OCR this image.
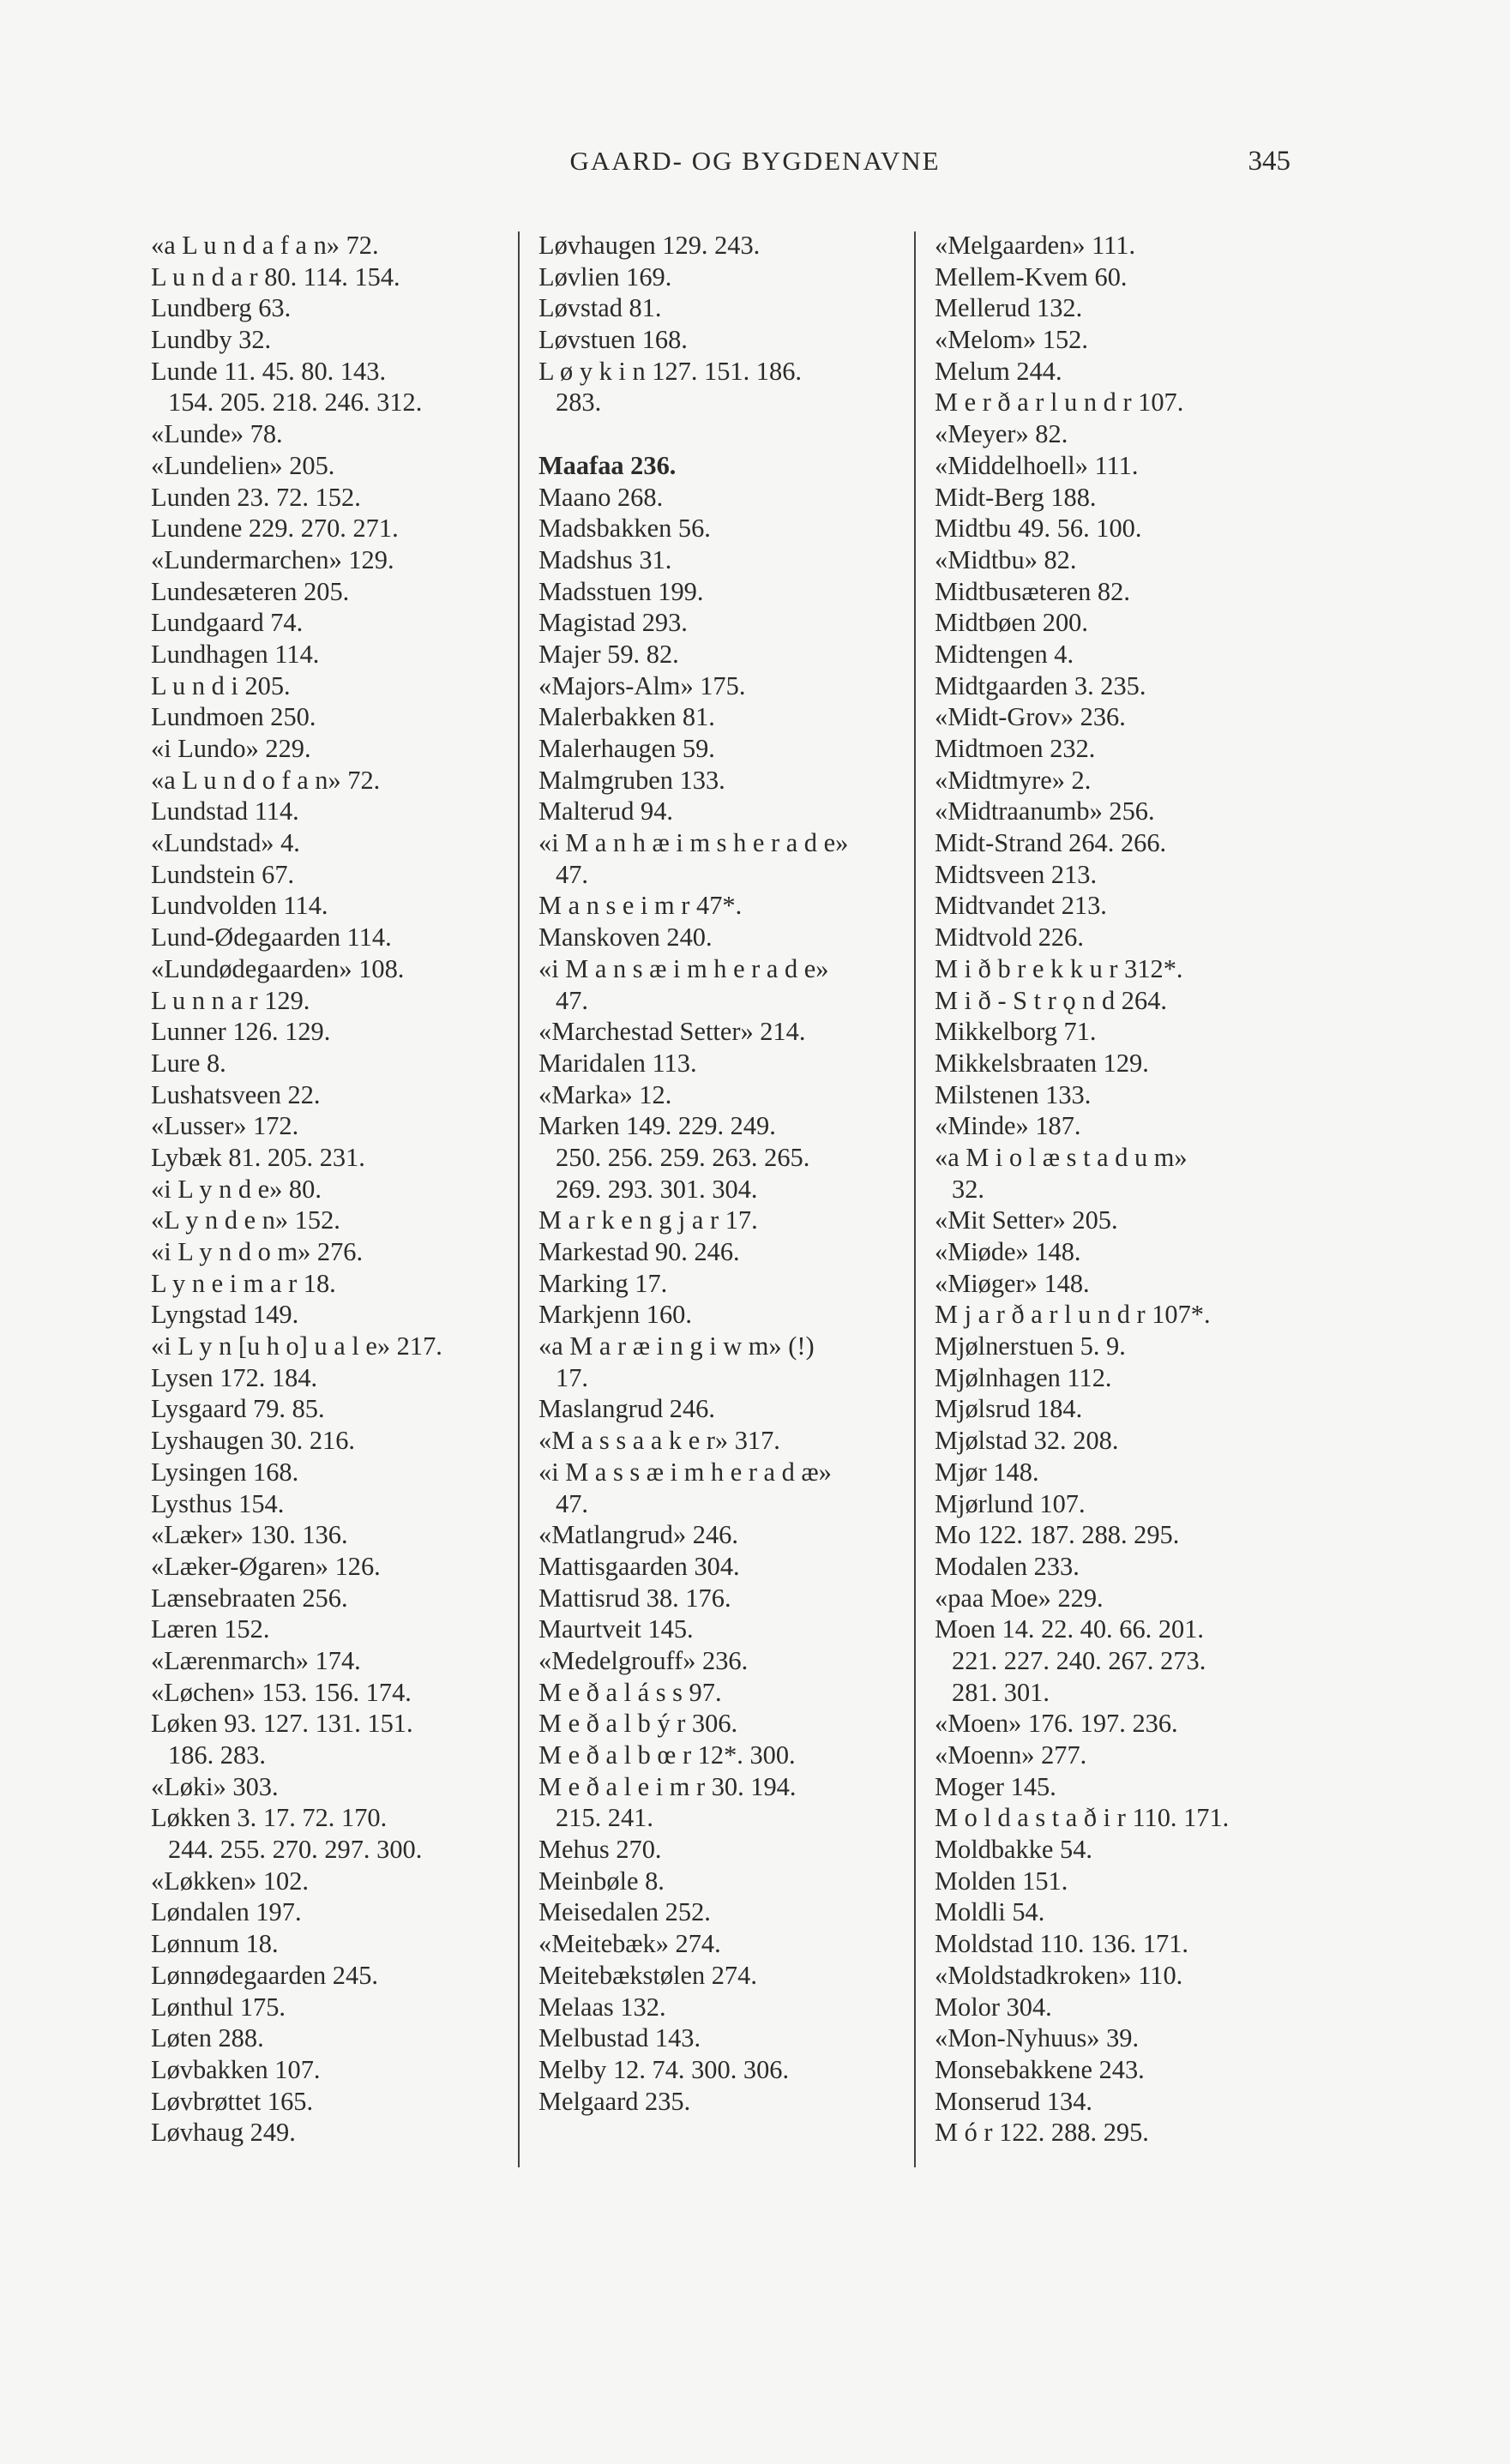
GAARD- OG BYGDENAVNE	345
«a L u n d a f a n» 72.
L u n d a r 80. 114. 154.
Lundberg 63.
Lundby 32.
Lunde 11. 45. 80. 143.
154. 205. 218. 246. 312.
«Lunde» 78.
«Lundelien» 205.
Lunden 23. 72. 152.
Lundene 229. 270. 271.
«Lundermarchen» 129.
Lundesæteren 205.
Lundgaard 74.
Lundhagen 114.
L u n d i 205.
Lundmoen 250.
«i Lundo» 229.
«a L u n d o f a n» 72.
Lundstad 114.
«Lundstad» 4.
Lundstein 67.
Lundvolden 114.
Lund-Ødegaarden 114.
«Lundødegaarden» 108.
L u n n a r 129.
Lunner 126. 129.
Lure 8.
Lushatsveen 22.
«Lusser» 172.
Lybæk 81. 205. 231.
«i L y n d e» 80.
«L y n d e n» 152.
«i L y n d o m» 276.
L y n e i m a r 18.
Lyngstad 149.
«i L y n [u h o] u a l e» 217.
Lysen 172. 184.
Lysgaard 79. 85.
Lyshaugen 30. 216.
Lysingen 168.
Lysthus 154.
«Læker» 130. 136.
«Læker-Øgaren» 126.
Lænsebraaten 256.
Læren 152.
«Lærenmarch» 174.
«Løchen» 153. 156. 174.
Løken 93. 127. 131. 151.
186. 283.
«Løki» 303.
Løkken 3. 17. 72. 170.
244. 255. 270. 297. 300.
«Løkken» 102.
Løndalen 197.
Lønnum 18.
Lønnødegaarden 245.
Lønthul 175.
Løten 288.
Løvbakken 107.
Løvbrøttet 165.
Løvhaug 249.
Løvhaugen 129. 243.
Løvlien 169.
Løvstad 81.
Løvstuen 168.
L ø y k i n 127. 151. 186.
283.
Maafaa 236.
Maano 268.
Madsbakken 56.
Madshus 31.
Madsstuen 199.
Magistad 293.
Majer 59. 82.
«Majors-Alm» 175.
Malerbakken 81.
Malerhaugen 59.
Malmgruben 133.
Malterud 94.
«i M a n h æ i m s h e r a d e»
47.
M a n s e i m r 47*.
Manskoven 240.
«i M a n s æ i m h e r a d e»
47.
«Marchestad Setter» 214.
Maridalen 113.
«Marka» 12.
Marken 149. 229. 249.
250. 256. 259. 263. 265.
269. 293. 301. 304.
M a r k e n g j a r 17.
Markestad 90. 246.
Marking 17.
Markjenn 160.
«a M a r æ i n g i w m» (!)
17.
Maslangrud 246.
«M a s s a a k e r» 317.
«i M a s s æ i m h e r a d æ»
47.
«Matlangrud» 246.
Mattisgaarden 304.
Mattisrud 38. 176.
Maurtveit 145.
«Medelgrouff» 236.
M e ð a l á s s 97.
M e ð a l b ý r 306.
M e ð a l b œ r 12*. 300.
M e ð a l e i m r 30. 194.
215. 241.
Mehus 270.
Meinbøle 8.
Meisedalen 252.
«Meitebæk» 274.
Meitebækstølen 274.
Melaas 132.
Melbustad 143.
Melby 12. 74. 300. 306.
Melgaard 235.
«Melgaarden» 111.
Mellem-Kvem 60.
Mellerud 132.
«Melom» 152.
Melum 244.
M e r ð a r l u n d r 107.
«Meyer» 82.
«Middelhoell» 111.
Midt-Berg 188.
Midtbu 49. 56. 100.
«Midtbu» 82.
Midtbusæteren 82.
Midtbøen 200.
Midtengen 4.
Midtgaarden 3. 235.
«Midt-Grov» 236.
Midtmoen 232.
«Midtmyre» 2.
«Midtraanumb» 256.
Midt-Strand 264. 266.
Midtsveen 213.
Midtvandet 213.
Midtvold 226.
M i ð b r e k k u r 312*.
M i ð - S t r ǫ n d 264.
Mikkelborg 71.
Mikkelsbraaten 129.
Milstenen 133.
«Minde» 187.
«a M i o l æ s t a d u m»
32.
«Mit Setter» 205.
«Miøde» 148.
«Miøger» 148.
M j a r ð a r l u n d r 107*.
Mjølnerstuen 5. 9.
Mjølnhagen 112.
Mjølsrud 184.
Mjølstad 32. 208.
Mjør 148.
Mjørlund 107.
Mo 122. 187. 288. 295.
Modalen 233.
«paa Moe» 229.
Moen 14. 22. 40. 66. 201.
221. 227. 240. 267. 273.
281. 301.
«Moen» 176. 197. 236.
«Moenn» 277.
Moger 145.
M o l d a s t a ð i r 110. 171.
Moldbakke 54.
Molden 151.
Moldli 54.
Moldstad 110. 136. 171.
«Moldstadkroken» 110.
Molor 304.
«Mon-Nyhuus» 39.
Monsebakkene 243.
Monserud 134.
M ó r 122. 288. 295.
